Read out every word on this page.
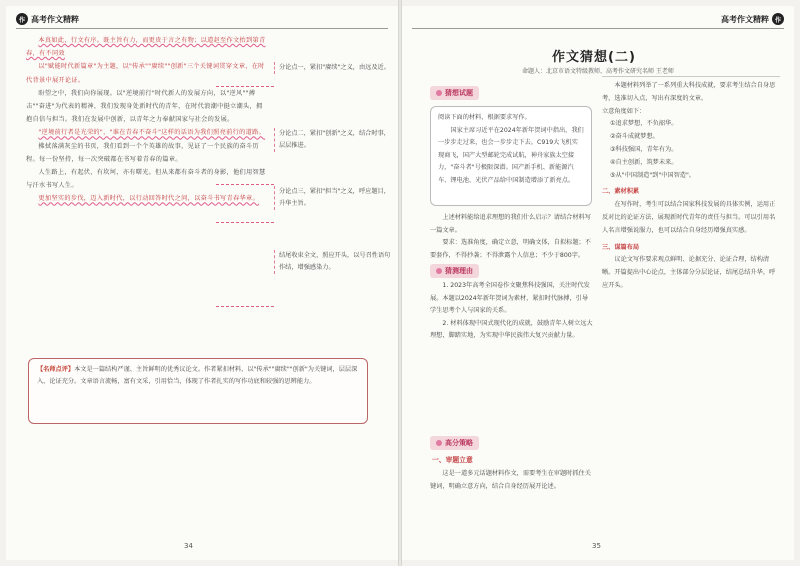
作 高考作文精粹

本真如此，行文有序。既主旨有力，而更贵于言之有物；以道赵至作文抬到第青春，有不同效

以"赋能时代新篇章"为主题，以"传承""赓续""创新"三个关键词贯穿文章，在时代背景中展开论证。

盼望之中，我们向你展现。以"逆境前行"时代新人的发展方向，以"逆风""搏击""奋进"为代表的精神，我们发现身处新时代的青年，在时代浪潮中挺立潮头，拥抱自信与担当。我们在发展中创新，以青年之力奉献国家与社会的发展。

"逆境前行者是光荣的"，"谁在青春不奋斗"这样的话语为我们照亮前行的道路。

拂拭落满灰尘的书页，我们看到一个个英雄的故事，见证了一个民族的奋斗历程。每一份坚持，每一次突破都在书写着青春的篇章。

人生路上，有起伏，有坎坷，亦有曙光。但从来都有奋斗者的身影，他们用智慧与汗水书写人生。

更加坚实的步伐，迈入新时代，以行动回答时代之问，以奋斗书写青春华章。

分论点一，紧扣"赓续"之义，由远及近。
分论点二，紧扣"创新"之义，结合时事，层层推进。
分论点三，紧扣"担当"之义，呼应题目，升华主旨。
结尾收束全文，照应开头，以号召性语句作结，增强感染力。
【名师点评】本文是一篇结构严谨、主旨鲜明的优秀议论文。作者紧扣材料，以"传承""赓续""创新"为关键词，层层深入，论证充分。文章语言流畅，富有文采，引用恰当，体现了作者扎实的写作功底和较强的思辨能力。
34
高考作文精粹 作
作文猜想(二)
命题人：北京市语文特级教师、高考作文研究名师 王老师
猜想试题
阅读下面的材料，根据要求写作。
国家主席习近平在2024年新年贺词中指出，我们一步步走过来，也会一步步走下去。C919大飞机实现商飞，国产大型邮轮完成试航，神舟家族太空接力，"奋斗者"号极限深潜。国产新手机、新能源汽车、锂电池、光伏产品给中国制造增添了新亮点。

上述材料能给追求理想的我们什么启示？请结合材料写一篇文章。

要求：选准角度，确定立意，明确文体，自拟标题；不要套作，不得抄袭；不得泄露个人信息；不少于800字。

猜测理由

1. 2023年高考全国卷作文聚焦科技强国，关注时代发展。本题以2024年新年贺词为素材，紧扣时代脉搏，引导学生思考个人与国家的关系。

2. 材料体现中国式现代化的成就，鼓励青年人树立远大理想，脚踏实地，为实现中华民族伟大复兴贡献力量。

高分策略
一、审题立意

这是一道多元话题材料作文，需要考生在审题时抓住关键词，明确立意方向，结合自身经历展开论述。

本题材料列举了一系列重大科技成就，要求考生结合自身思考，选准切入点，写出有深度的文章。

立意角度如下：

①追求梦想，不负韶华。
②奋斗成就梦想。
③科技强国，青年有为。
④自主创新，筑梦未来。
⑤从"中国制造"到"中国智造"。
二、素材积累

在写作时，考生可以结合国家科技发展的具体实例，运用正反对比的论证方法，展现新时代青年的责任与担当。可以引用名人名言增强说服力，也可以结合自身经历增强真实感。

三、谋篇布局

议论文写作要求观点鲜明、论据充分、论证合理，结构清晰。开篇提出中心论点，主体部分分层论证，结尾总结升华，呼应开头。

35
